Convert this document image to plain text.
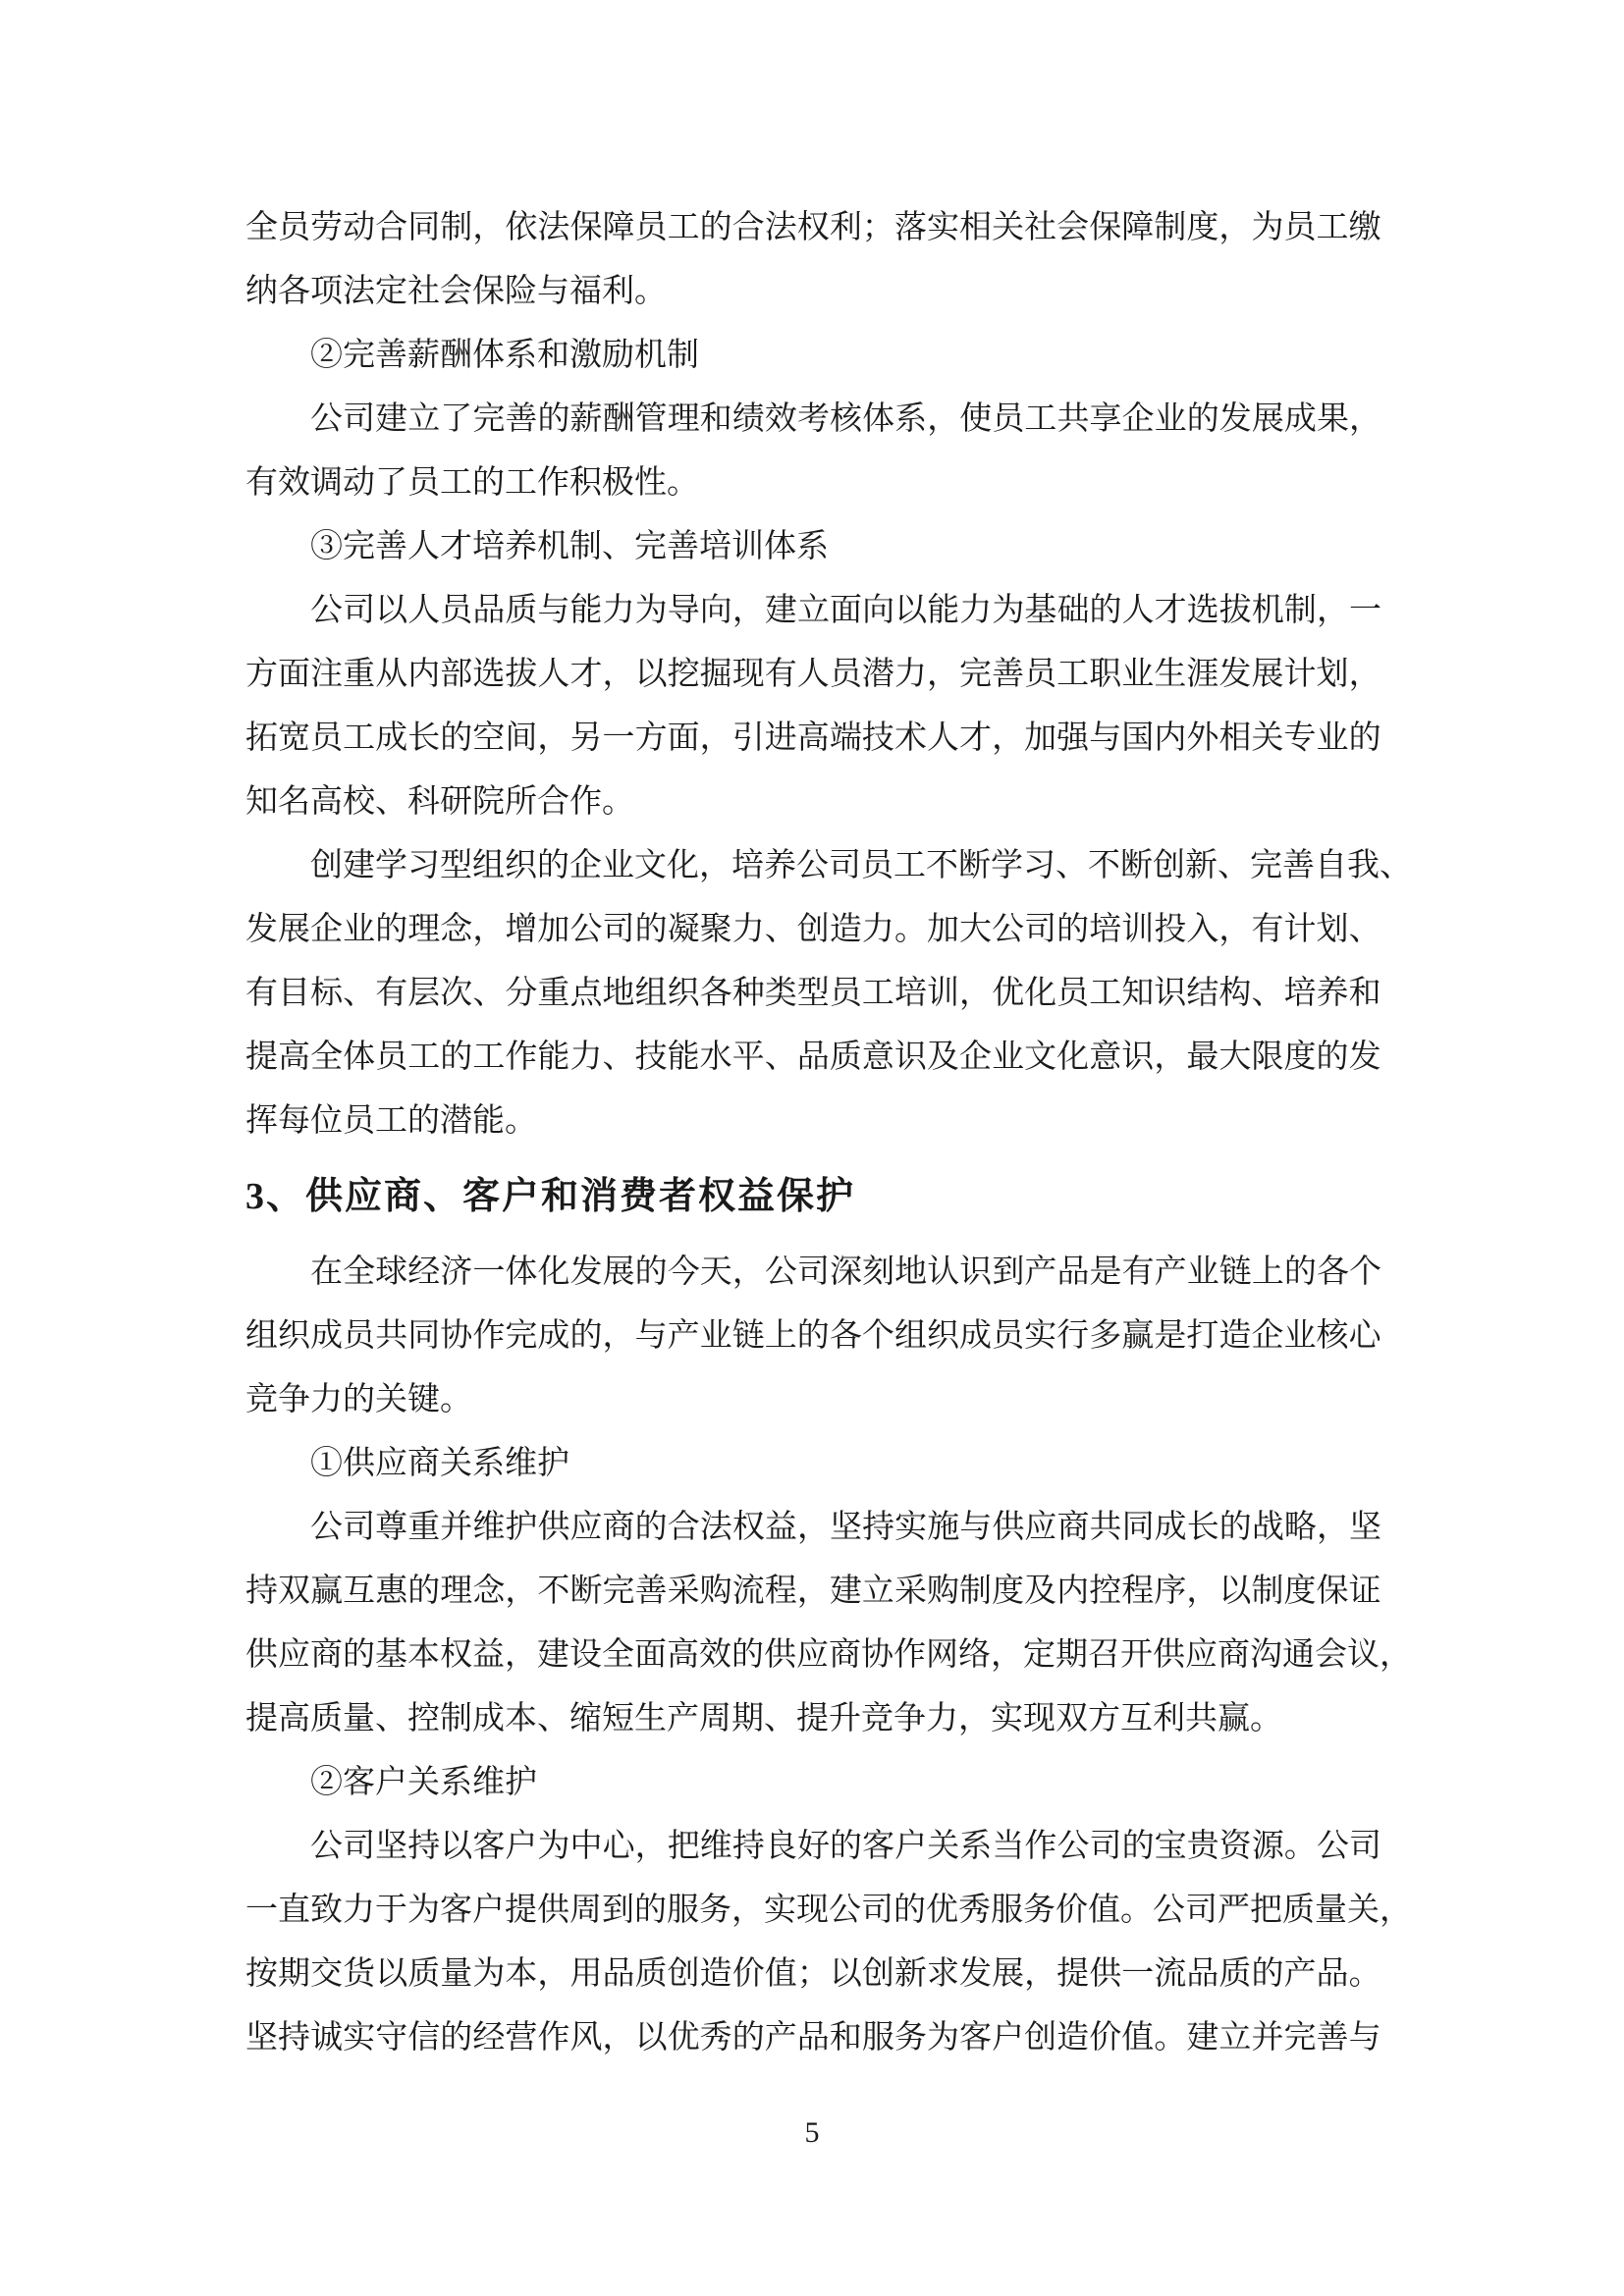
全 员 劳 动 合 同 制 ， 依 法 保 障 员 工 的 合 法 权 利 ； 落 实 相 关 社 会 保 障 制 度 ， 为 员 工 缴
纳各项法定社会保险与福利。
②完善薪酬体系和激励机制
公 司 建 立 了 完 善 的 薪 酬 管 理 和 绩 效 考 核 体 系 ， 使 员 工 共 享 企 业 的 发 展 成 果 ，
有效调动了员工的工作积极性。
③完善人才培养机制、完善培训体系
公 司 以 人 员 品 质 与 能 力 为 导 向 ， 建 立 面 向 以 能 力 为 基 础 的 人 才 选 拔 机 制 ， 一
方 面 注 重 从 内 部 选 拔 人 才 ， 以 挖 掘 现 有 人 员 潜 力 ， 完 善 员 工 职 业 生 涯 发 展 计 划 ，
拓 宽 员 工 成 长 的 空 间 ， 另 一 方 面 ， 引 进 高 端 技 术 人 才 ， 加 强 与 国 内 外 相 关 专 业 的
知名高校、科研院所合作。
创 建 学 习 型 组 织 的 企 业 文 化 ， 培 养 公 司 员 工 不 断 学 习 、 不 断 创 新 、 完 善 自 我 、
发 展 企 业 的 理 念 ， 增 加 公 司 的 凝 聚 力 、 创 造 力 。 加 大 公 司 的 培 训 投 入 ， 有 计 划 、
有 目 标 、 有 层 次 、 分 重 点 地 组 织 各 种 类 型 员 工 培 训 ， 优 化 员 工 知 识 结 构 、 培 养 和
提 高 全 体 员 工 的 工 作 能 力 、 技 能 水 平 、 品 质 意 识 及 企 业 文 化 意 识 ， 最 大 限 度 的 发
挥每位员工的潜能。
3、供应商、客户和消费者权益保护
在 全 球 经 济 一 体 化 发 展 的 今 天 ， 公 司 深 刻 地 认 识 到 产 品 是 有 产 业 链 上 的 各 个
组 织 成 员 共 同 协 作 完 成 的 ， 与 产 业 链 上 的 各 个 组 织 成 员 实 行 多 赢 是 打 造 企 业 核 心
竞争力的关键。
①供应商关系维护
公 司 尊 重 并 维 护 供 应 商 的 合 法 权 益 ， 坚 持 实 施 与 供 应 商 共 同 成 长 的 战 略 ， 坚
持 双 赢 互 惠 的 理 念 ， 不 断 完 善 采 购 流 程 ， 建 立 采 购 制 度 及 内 控 程 序 ， 以 制 度 保 证
供 应 商 的 基 本 权 益 ， 建 设 全 面 高 效 的 供 应 商 协 作 网 络 ， 定 期 召 开 供 应 商 沟 通 会 议 ，
提高质量、控制成本、缩短生产周期、提升竞争力，实现双方互利共赢。
②客户关系维护
公 司 坚 持 以 客 户 为 中 心 ， 把 维 持 良 好 的 客 户 关 系 当 作 公 司 的 宝 贵 资 源 。 公 司
一 直 致 力 于 为 客 户 提 供 周 到 的 服 务 ， 实 现 公 司 的 优 秀 服 务 价 值 。 公 司 严 把 质 量 关 ，
按 期 交 货 以 质 量 为 本 ， 用 品 质 创 造 价 值 ； 以 创 新 求 发 展 ， 提 供 一 流 品 质 的 产 品 。
坚 持 诚 实 守 信 的 经 营 作 风 ， 以 优 秀 的 产 品 和 服 务 为 客 户 创 造 价 值 。 建 立 并 完 善 与
5
